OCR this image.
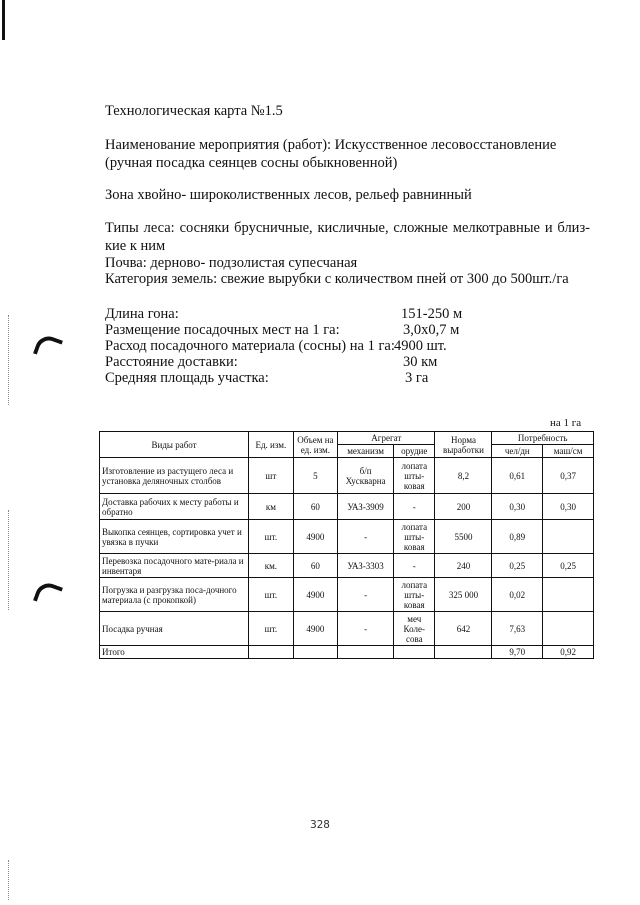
Технологическая карта №1.5
Наименование мероприятия (работ): Искусственное лесовосстановление (ручная посадка сеянцев сосны обыкновенной)
Зона хвойно- широколиственных лесов, рельеф равнинный
Типы леса: сосняки брусничные, кисличные, сложные мелкотравные и близ- кие к ним
Почва: дерново- подзолистая супесчаная
Категория земель: свежие вырубки с количеством пней от 300 до 500шт./га
Длина гона:	151-250 м
Размещение посадочных мест на 1 га:	3,0х0,7 м
Расход посадочного материала (сосны) на 1 га: 4900 шт.
Расстояние доставки:	30 км
Средняя площадь участка:	3 га
на 1 га
Виды работ	Ед. изм.	Объем на ед. изм.	Агрегат		Норма выработки	Потребность	
			механизм	орудие		чел/дн	маш/см
Изготовление из растущего леса и установка деляночных столбов	шт	5	б/п Хускварна	лопата шты-ковая	8,2	0,61	0,37
Доставка рабочих к месту работы и обратно	км	60	УАЗ-3909	-	200	0,30	0,30
Выкопка сеянцев, сортировка учет и увязка в пучки	шт.	4900	-	лопата шты-ковая	5500	0,89	
Перевозка посадочного мате-риала и инвентаря	км.	60	УАЗ-3303	-	240	0,25	0,25
Погрузка и разгрузка поса-дочного материала (с прокопкой)	шт.	4900	-	лопата шты-ковая	325 000	0,02	
Посадка ручная	шт.	4900	-	меч Коле-сова	642	7,63	
Итого						9,70	0,92
328
